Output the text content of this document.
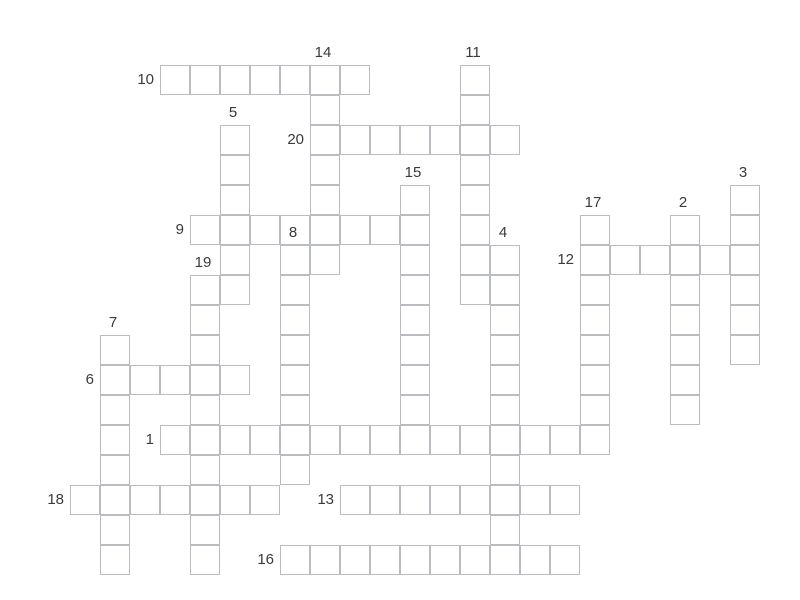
10
14	11
5
20
15	3
17	2
9
12
8	4
19
7
6
1
18	13
16
